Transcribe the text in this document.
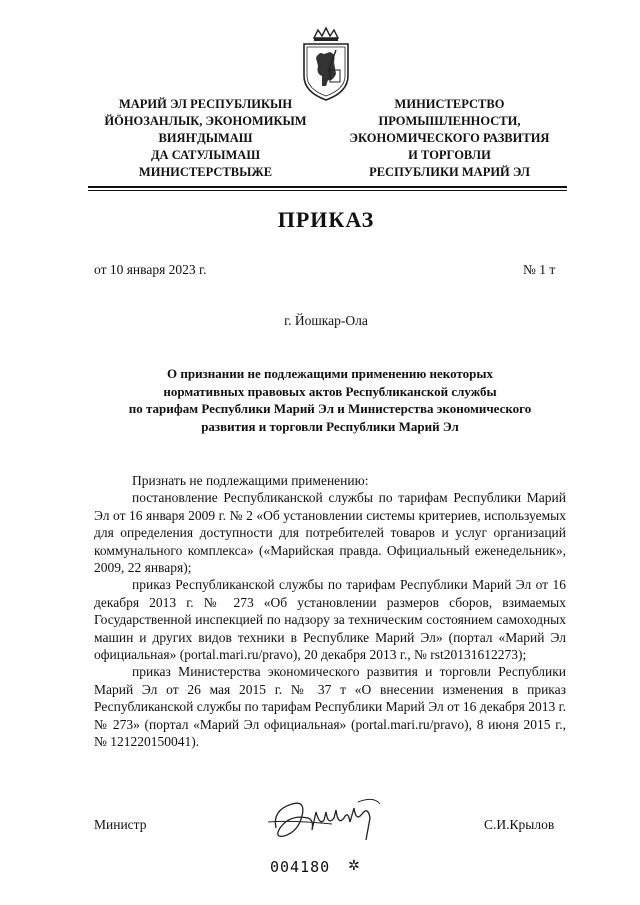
МАРИЙ ЭЛ РЕСПУБЛИКЫН
ЙӦНОЗАНЛЫК, ЭКОНОМИКЫМ
ВИЯҤДЫМАШ
ДА САТУЛЫМАШ
МИНИСТЕРСТВЫЖЕ
МИНИСТЕРСТВО
ПРОМЫШЛЕННОСТИ,
ЭКОНОМИЧЕСКОГО РАЗВИТИЯ
И ТОРГОВЛИ
РЕСПУБЛИКИ МАРИЙ ЭЛ
ПРИКАЗ
от 10 января 2023 г.	№ 1 т
г. Йошкар-Ола
О признании не подлежащими применению некоторых
нормативных правовых актов Республиканской службы
по тарифам Республики Марий Эл и Министерства экономического
развития и торговли Республики Марий Эл

Признать не подлежащими применению:

постановление Республиканской службы по тарифам Республики Марий Эл от 16 января 2009 г. № 2 «Об установлении системы критериев, используемых для определения доступности для потребителей товаров и услуг организаций коммунального комплекса» («Марийская правда. Официальный еженедельник», 2009, 22 января);

приказ Республиканской службы по тарифам Республики Марий Эл от 16 декабря 2013 г. № 273 «Об установлении размеров сборов, взимаемых Государственной инспекцией по надзору за техническим состоянием самоходных машин и других видов техники в Республике Марий Эл» (портал «Марий Эл официальная» (portal.mari.ru/pravo), 20 декабря 2013 г., № rst20131612273);

приказ Министерства экономического развития и торговли Республики Марий Эл от 26 мая 2015 г. № 37 т «О внесении изменения в приказ Республиканской службы по тарифам Республики Марий Эл от 16 декабря 2013 г. № 273» (портал «Марий Эл официальная» (portal.mari.ru/pravo), 8 июня 2015 г., № 121220150041).

Министр	С.И.Крылов
004180 ✲
